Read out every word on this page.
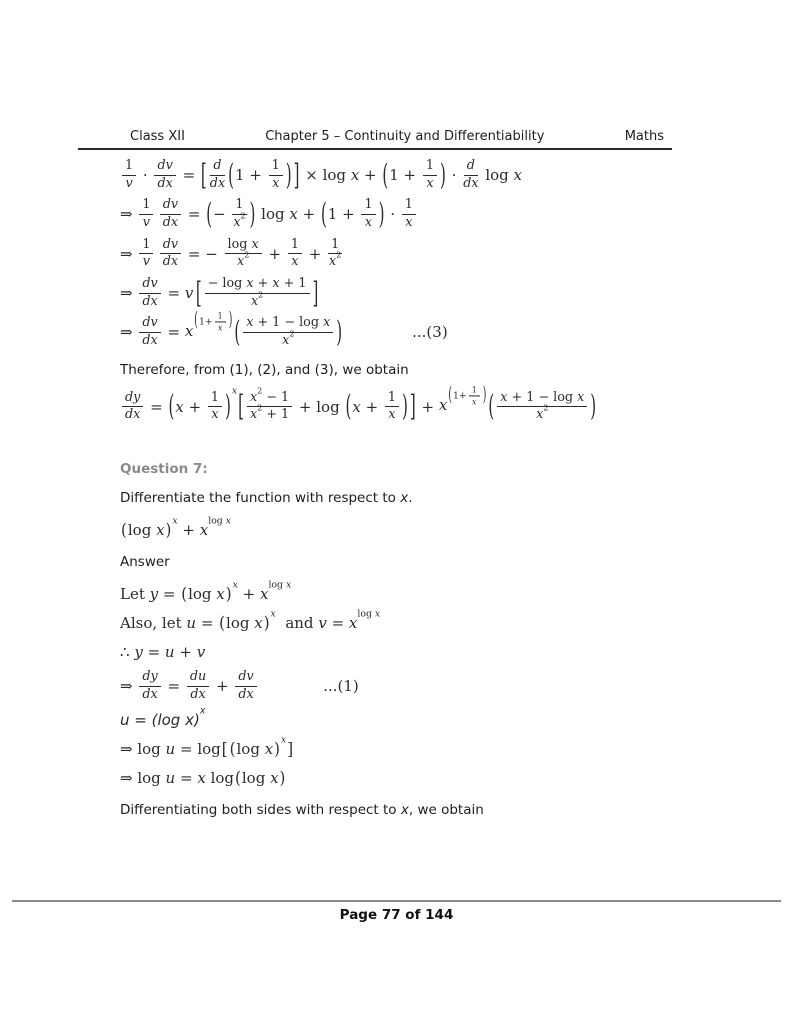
Class XII	Chapter 5 – Continuity and Differentiability	Maths
$\frac{1}{v} \cdot \frac{dv}{dx}$ = [ $\frac{d}{dx}$ ( $1 + \frac{1}{x}$ ) ] × log x + ( $1 + \frac{1}{x}$ ) · $\frac{d}{dx}$ log x
⇒ $\frac{1}{v} \frac{dv}{dx}$ = ( − $\frac{1}{x 2}$ ) log x + ( $1 + \frac{1}{x}$ ) · $\frac{1}{x}$
⇒ $\frac{1}{v} \frac{dv}{dx}$ = − $\frac{\text{log x}}{x 2} + \frac{1}{x} + \frac{1}{x 2}$
⇒ $\frac{dv}{dx} = v$ [ $\frac{\text{− log x + x + 1}}{x 2}$ ]
⇒ $\frac{dv}{dx} = x$ ( $1+ \frac{1}{x}$ ) ( $\frac{\text{x + 1 − log x}}{x 2}$ )	...(3)
Therefore, from (1), (2), and (3), we obtain
$\frac{dy}{dx}$ = ( $x + \frac{1}{x}$ ) x [ $\frac{x 2 - 1}{x 2 + 1} + \log$ ( $x + \frac{1}{x}$ ) ] + x ( $1+ \frac{1}{x}$ ) ( $\frac{\text{x + 1 − log x}}{x 2}$ )
Question 7:
Differentiate the function with respect to x.
( log x ) x
+ x log x
Answer
Let y = ( log x ) x
+ x log x
Also, let u = ( log x ) x
and v = x log x
∴ y = u + v
⇒ $\frac{dy}{dx} = \frac{du}{dx} + \frac{dv}{dx}$	...(1)
u = (log x) x
⇒ log u = log [ ( log x ) x ]
⇒ log u = x log ( log x )
Differentiating both sides with respect to x, we obtain
Page 77 of 144
